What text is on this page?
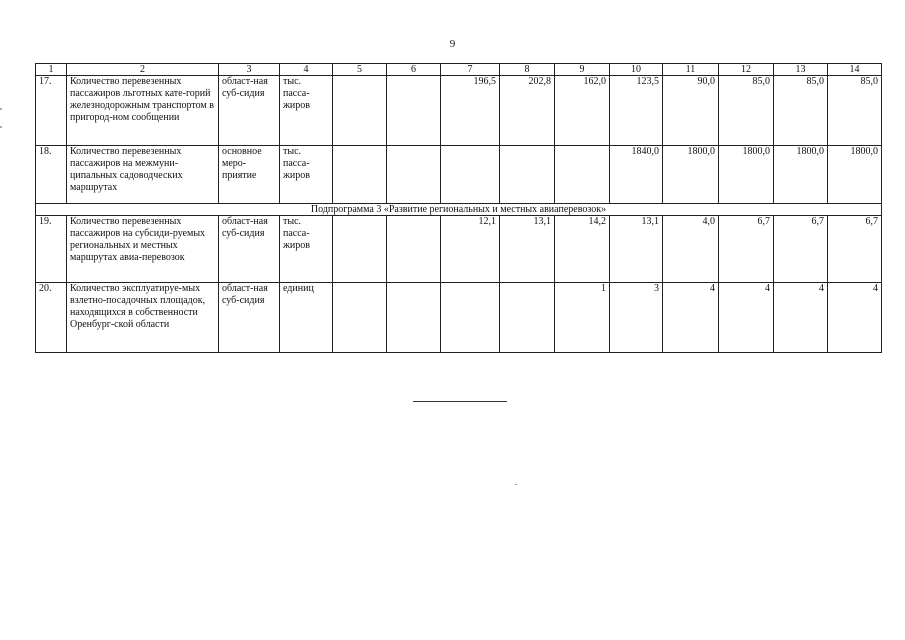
9
1	2	3	4	5	6	7	8	9	10	11	12	13	14
17.	Количество перевезенных пассажиров льготных кате-горий железнодорожным транспортом в пригород-ном сообщении	област-ная суб-сидия	тыс. пасса-жиров			196,5	202,8	162,0	123,5	90,0	85,0	85,0	85,0
18.	Количество перевезенных пассажиров на межмуни-ципальных садоводческих маршрутах	основное меро-приятие	тыс. пасса-жиров						1840,0	1800,0	1800,0	1800,0	1800,0
Подпрограмма 3 «Развитие региональных и местных авиаперевозок»													
19.	Количество перевезенных пассажиров на субсиди-руемых региональных и местных маршрутах авиа-перевозок	област-ная суб-сидия	тыс. пасса-жиров			12,1	13,1	14,2	13,1	4,0	6,7	6,7	6,7
20.	Количество эксплуатируе-мых взлетно-посадочных площадок, находящихся в собственности Оренбург-ской области	област-ная суб-сидия	единиц					1	3	4	4	4	4
